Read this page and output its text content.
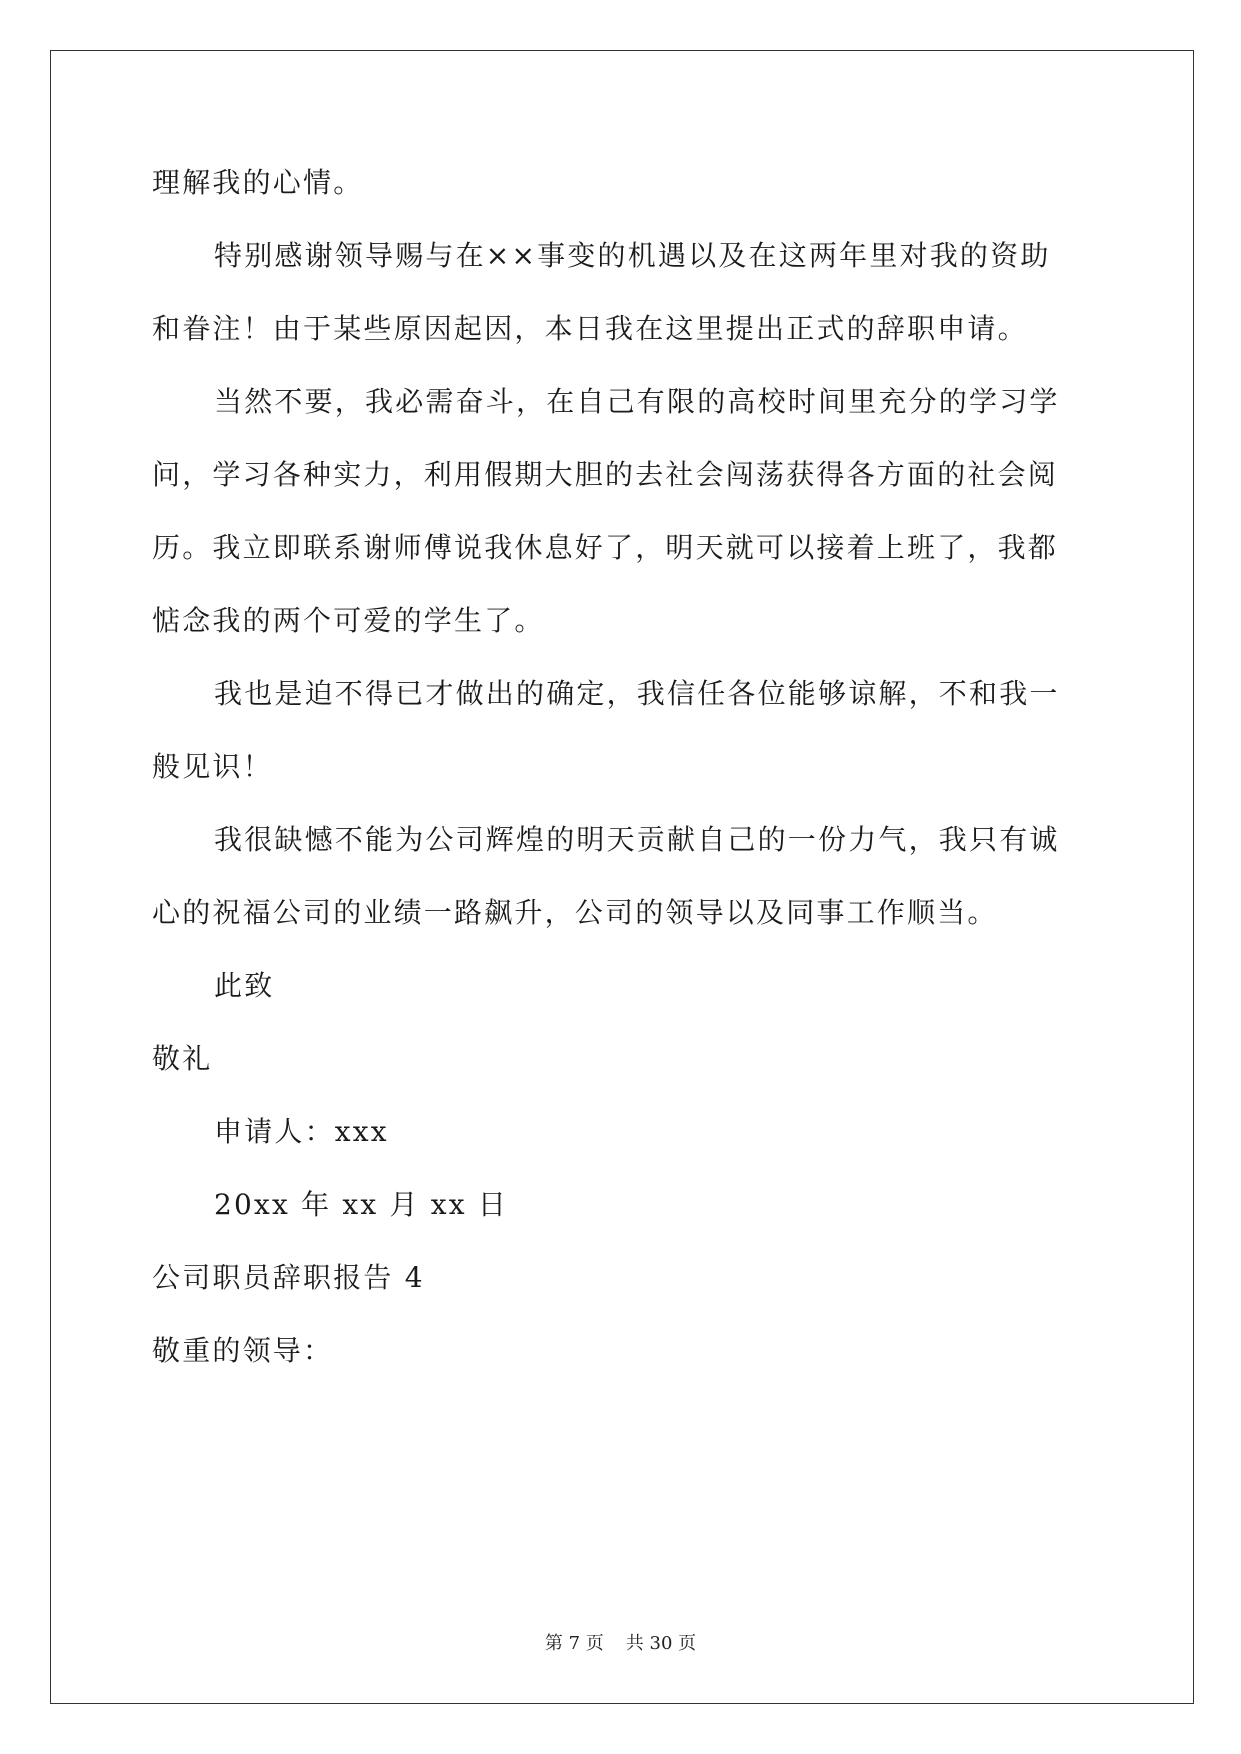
理解我的心情。
特别感谢领导赐与在××事变的机遇以及在这两年里对我的资助
和眷注！由于某些原因起因，本日我在这里提出正式的辞职申请。
当然不要，我必需奋斗，在自己有限的高校时间里充分的学习学
问，学习各种实力，利用假期大胆的去社会闯荡获得各方面的社会阅
历。我立即联系谢师傅说我休息好了，明天就可以接着上班了，我都
惦念我的两个可爱的学生了。
我也是迫不得已才做出的确定，我信任各位能够谅解，不和我一
般见识！
我很缺憾不能为公司辉煌的明天贡献自己的一份力气，我只有诚
心的祝福公司的业绩一路飙升，公司的领导以及同事工作顺当。
此致
敬礼
申请人：xxx
20xx 年 xx 月 xx 日
公司职员辞职报告 4
敬重的领导：
第 7 页 共 30 页
